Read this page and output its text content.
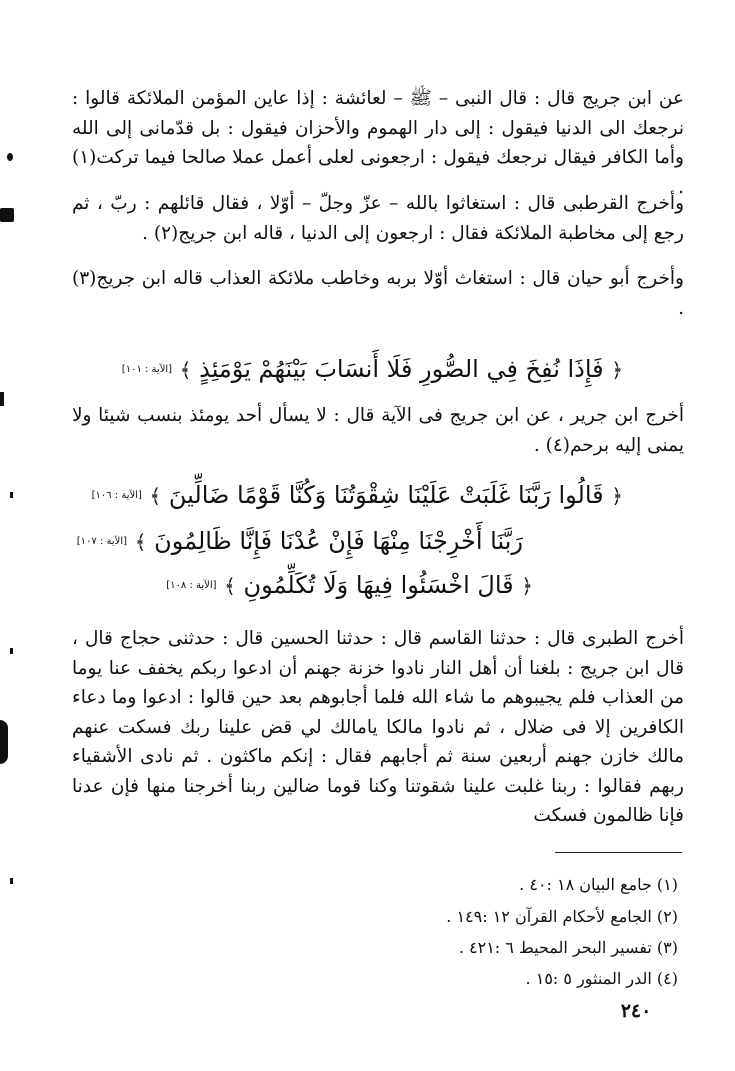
عن ابن جريج قال : قال النبى – ﷺ – لعائشة : إذا عاين المؤمن الملائكة قالوا : نرجعك الى الدنيا فيقول : إلى دار الهموم والأحزان فيقول : بل قدّمانى إلى الله وأما الكافر فيقال نرجعك فيقول : ارجعونى لعلى أعمل عملا صالحا فيما تركت(١) .
وأخرج القرطبى قال : استغاثوا بالله – عزّ وجلّ – أوّلا ، فقال قائلهم : ربّ ، ثم رجع إلى مخاطبة الملائكة فقال : ارجعون إلى الدنيا ، قاله ابن جريج(٢) .
وأخرج أبو حيان قال : استغاث أوّلا بربه وخاطب ملائكة العذاب قاله ابن جريج(٣) .
﴿ فَإِذَا نُفِخَ فِي الصُّورِ فَلَا أَنسَابَ بَيْنَهُمْ يَوْمَئِذٍ ﴾ [الآية : ١٠١]
أخرج ابن جرير ، عن ابن جريج فى الآية قال : لا يسأل أحد يومئذ بنسب شيئا ولا يمنى إليه برحم(٤) .
﴿ قَالُوا رَبَّنَا غَلَبَتْ عَلَيْنَا شِقْوَتُنَا وَكُنَّا قَوْمًا ضَالِّينَ ﴾ [الآية : ١٠٦]
رَبَّنَا أَخْرِجْنَا مِنْهَا فَإِنْ عُدْنَا فَإِنَّا ظَالِمُونَ ﴾ [الآية : ١٠٧]
﴿ قَالَ اخْسَئُوا فِيهَا وَلَا تُكَلِّمُونِ ﴾ [الآية : ١٠٨]
أخرج الطبرى قال : حدثنا القاسم قال : حدثنا الحسين قال : حدثنى حجاج قال ، قال ابن جريج : بلغنا أن أهل النار نادوا خزنة جهنم أن ادعوا ربكم يخفف عنا يوما من العذاب فلم يجيبوهم ما شاء الله فلما أجابوهم بعد حين قالوا : ادعوا وما دعاء الكافرين إلا فى ضلال ، ثم نادوا مالكا يامالك لي قض علينا ربك فسكت عنهم مالك خازن جهنم أربعين سنة ثم أجابهم فقال : إنكم ماكثون . ثم نادى الأشقياء ربهم فقالوا : ربنا غلبت علينا شقوتنا وكنا قوما ضالين ربنا أخرجنا منها فإن عدنا فإنا ظالمون فسكت
(١) جامع البيان ١٨ :٤٠ .
(٢) الجامع لأحكام القرآن ١٢ :١٤٩ .
(٣) تفسير البحر المحيط ٦ :٤٢١ .
(٤) الدر المنثور ٥ :١٥ .
٢٤٠
